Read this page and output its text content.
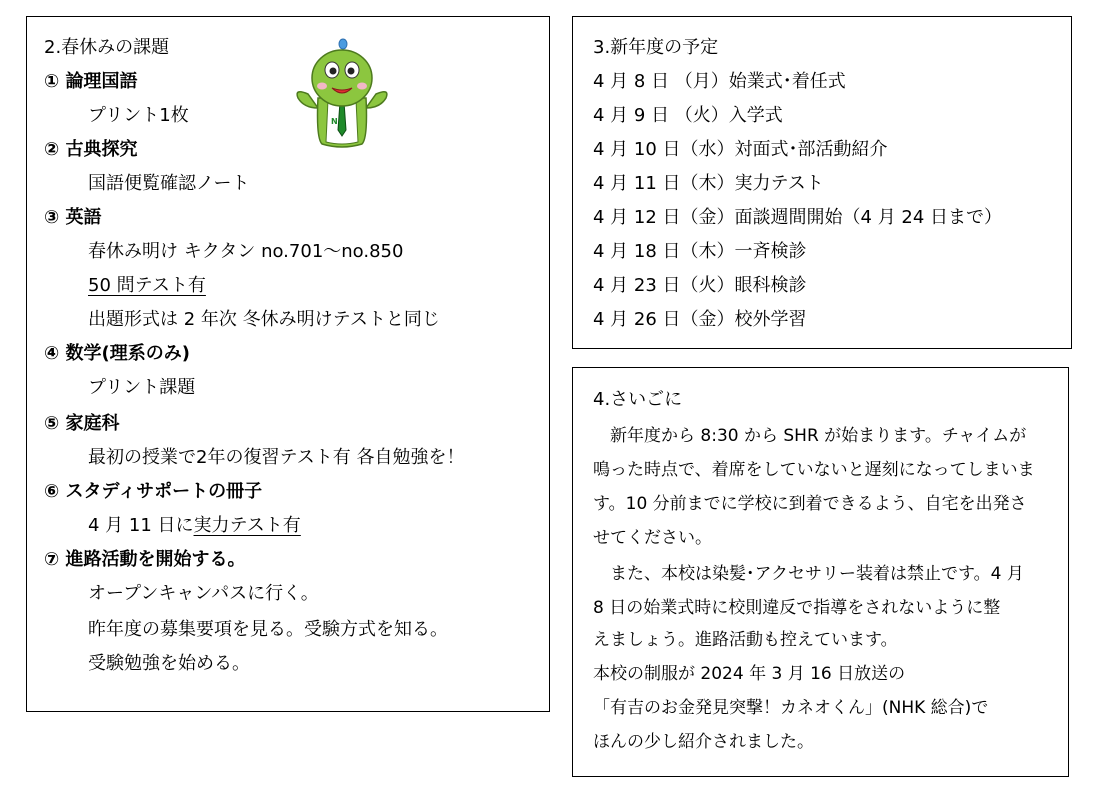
2.春休みの課題
① 論理国語
プリント1枚
② 古典探究
国語便覧確認ノート
③ 英語
春休み明け キクタン no.701～no.850
50 問テスト有
出題形式は 2 年次 冬休み明けテストと同じ
④ 数学(理系のみ)
プリント課題
⑤ 家庭科
最初の授業で2年の復習テスト有 各自勉強を！
⑥ スタディサポートの冊子
4 月 11 日に実力テスト有
⑦ 進路活動を開始する。
オープンキャンパスに行く。
昨年度の募集要項を見る。受験方式を知る。
受験勉強を始める。
N
3.新年度の予定
4 月 8 日 （月）始業式･着任式
4 月 9 日 （火）入学式
4 月 10 日（水）対面式･部活動紹介
4 月 11 日（木）実力テスト
4 月 12 日（金）面談週間開始（4 月 24 日まで）
4 月 18 日（木）一斉検診
4 月 23 日（火）眼科検診
4 月 26 日（金）校外学習
4.さいごに
　新年度から 8:30 から SHR が始まります。チャイムが
鳴った時点で、着席をしていないと遅刻になってしまいま
す。10 分前までに学校に到着できるよう、自宅を出発さ
せてください。
　また、本校は染髪･アクセサリー装着は禁止です。4 月
8 日の始業式時に校則違反で指導をされないように整
えましょう。進路活動も控えています。
本校の制服が 2024 年 3 月 16 日放送の
「有吉のお金発見突撃！カネオくん」(NHK 総合)で
ほんの少し紹介されました。
